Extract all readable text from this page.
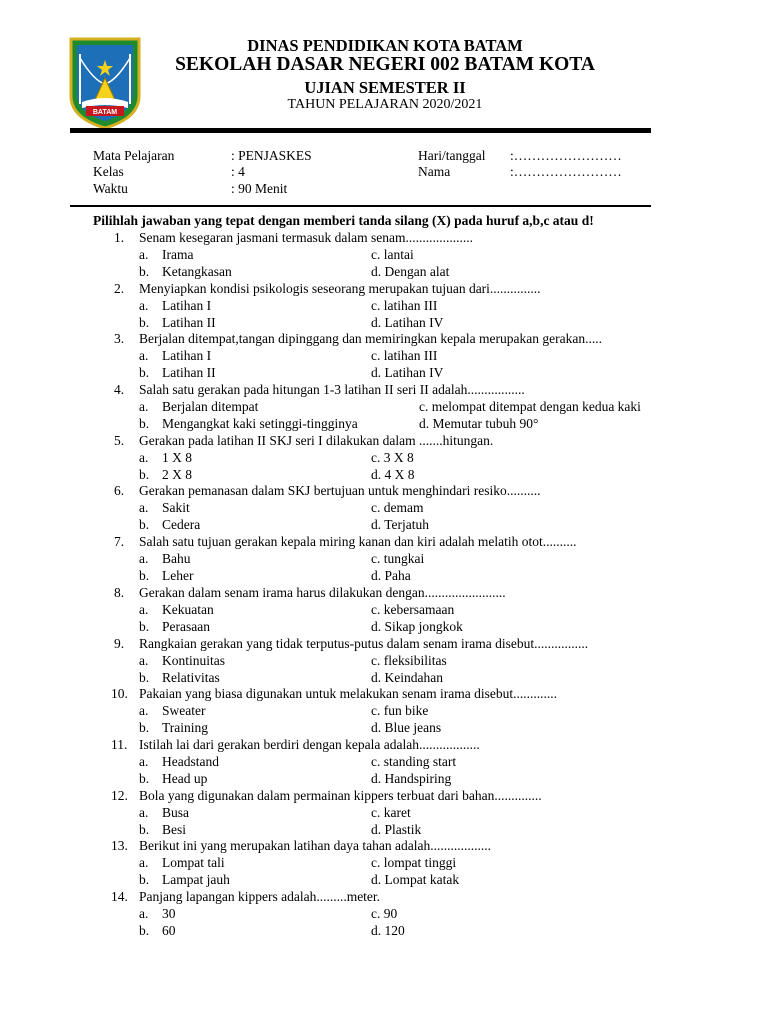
BATAM
DINAS PENDIDIKAN KOTA BATAM
SEKOLAH DASAR NEGERI 002 BATAM KOTA
UJIAN SEMESTER II
TAHUN PELAJARAN 2020/2021
Mata Pelajaran	: PENJASKES
Kelas	: 4
Waktu	: 90 Menit
Hari/tanggal :……………………
Nama	:……………………
Pilihlah jawaban yang tepat dengan memberi tanda silang (X) pada huruf a,b,c atau d!
1. Senam kesegaran jasmani termasuk dalam senam....................
a. Irama	c. lantai
b. Ketangkasan	d. Dengan alat
2. Menyiapkan kondisi psikologis seseorang merupakan tujuan dari...............
a. Latihan I	c. latihan III
b. Latihan II	d. Latihan IV
3. Berjalan ditempat,tangan dipinggang dan memiringkan kepala merupakan gerakan.....
a. Latihan I	c. latihan III
b. Latihan II	d. Latihan IV
4. Salah satu gerakan pada hitungan 1-3 latihan II seri II adalah.................
a. Berjalan ditempat	c. melompat ditempat dengan kedua kaki
b. Mengangkat kaki setinggi-tingginya	d. Memutar tubuh 90°
5. Gerakan pada latihan II SKJ seri I dilakukan dalam .......hitungan.
a. 1 X 8	c. 3 X 8
b. 2 X 8	d. 4 X 8
6. Gerakan pemanasan dalam SKJ bertujuan untuk menghindari resiko..........
a. Sakit	c. demam
b. Cedera	d. Terjatuh
7. Salah satu tujuan gerakan kepala miring kanan dan kiri adalah melatih otot..........
a. Bahu	c. tungkai
b. Leher	d. Paha
8. Gerakan dalam senam irama harus dilakukan dengan........................
a. Kekuatan	c. kebersamaan
b. Perasaan	d. Sikap jongkok
9. Rangkaian gerakan yang tidak terputus-putus dalam senam irama disebut................
a. Kontinuitas	c. fleksibilitas
b. Relativitas	d. Keindahan
10. Pakaian yang biasa digunakan untuk melakukan senam irama disebut.............
a. Sweater	c. fun bike
b. Training	d. Blue jeans
11. Istilah lai dari gerakan berdiri dengan kepala adalah..................
a. Headstand	c. standing start
b. Head up	d. Handspiring
12. Bola yang digunakan dalam permainan kippers terbuat dari bahan..............
a. Busa	c. karet
b. Besi	d. Plastik
13. Berikut ini yang merupakan latihan daya tahan adalah..................
a. Lompat tali	c. lompat tinggi
b. Lampat jauh	d. Lompat katak
14. Panjang lapangan kippers adalah.........meter.
a. 30	c. 90
b. 60	d. 120
